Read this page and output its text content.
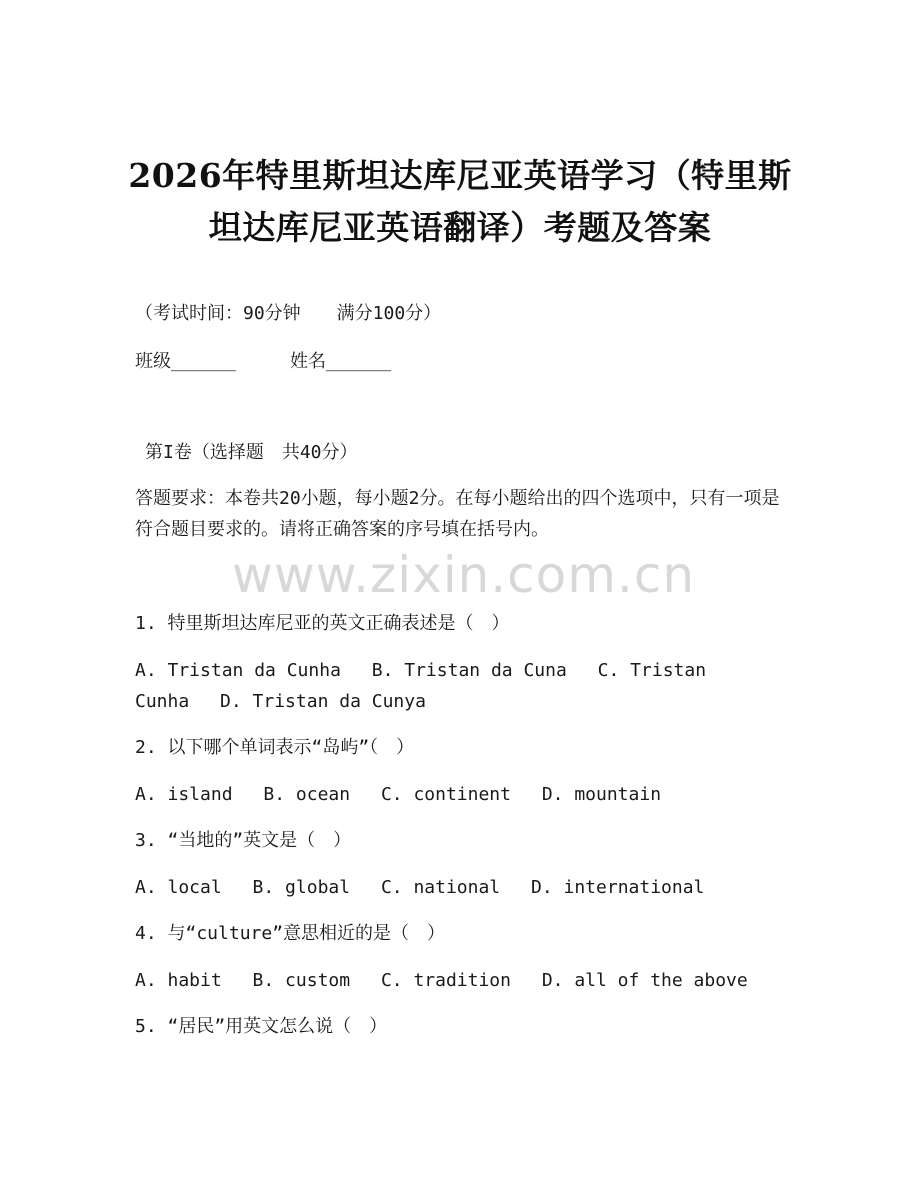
2026年特里斯坦达库尼亚英语学习（特里斯
坦达库尼亚英语翻译）考题及答案
（考试时间：90分钟　　满分100分）
班级______	姓名______
第I卷（选择题　共40分）
答题要求：本卷共20小题，每小题2分。在每小题给出的四个选项中，只有一项是符合题目要求的。请将正确答案的序号填在括号内。
www.zixin.com.cn
1. 特里斯坦达库尼亚的英文正确表述是（　）
A. Tristan da Cunha B. Tristan da Cuna C. Tristan Cunha D. Tristan da Cunya
2. 以下哪个单词表示“岛屿”（　）
A. island B. ocean C. continent D. mountain
3. “当地的”英文是（　）
A. local B. global C. national D. international
4. 与“culture”意思相近的是（　）
A. habit B. custom C. tradition D. all of the above
5. “居民”用英文怎么说（　）
